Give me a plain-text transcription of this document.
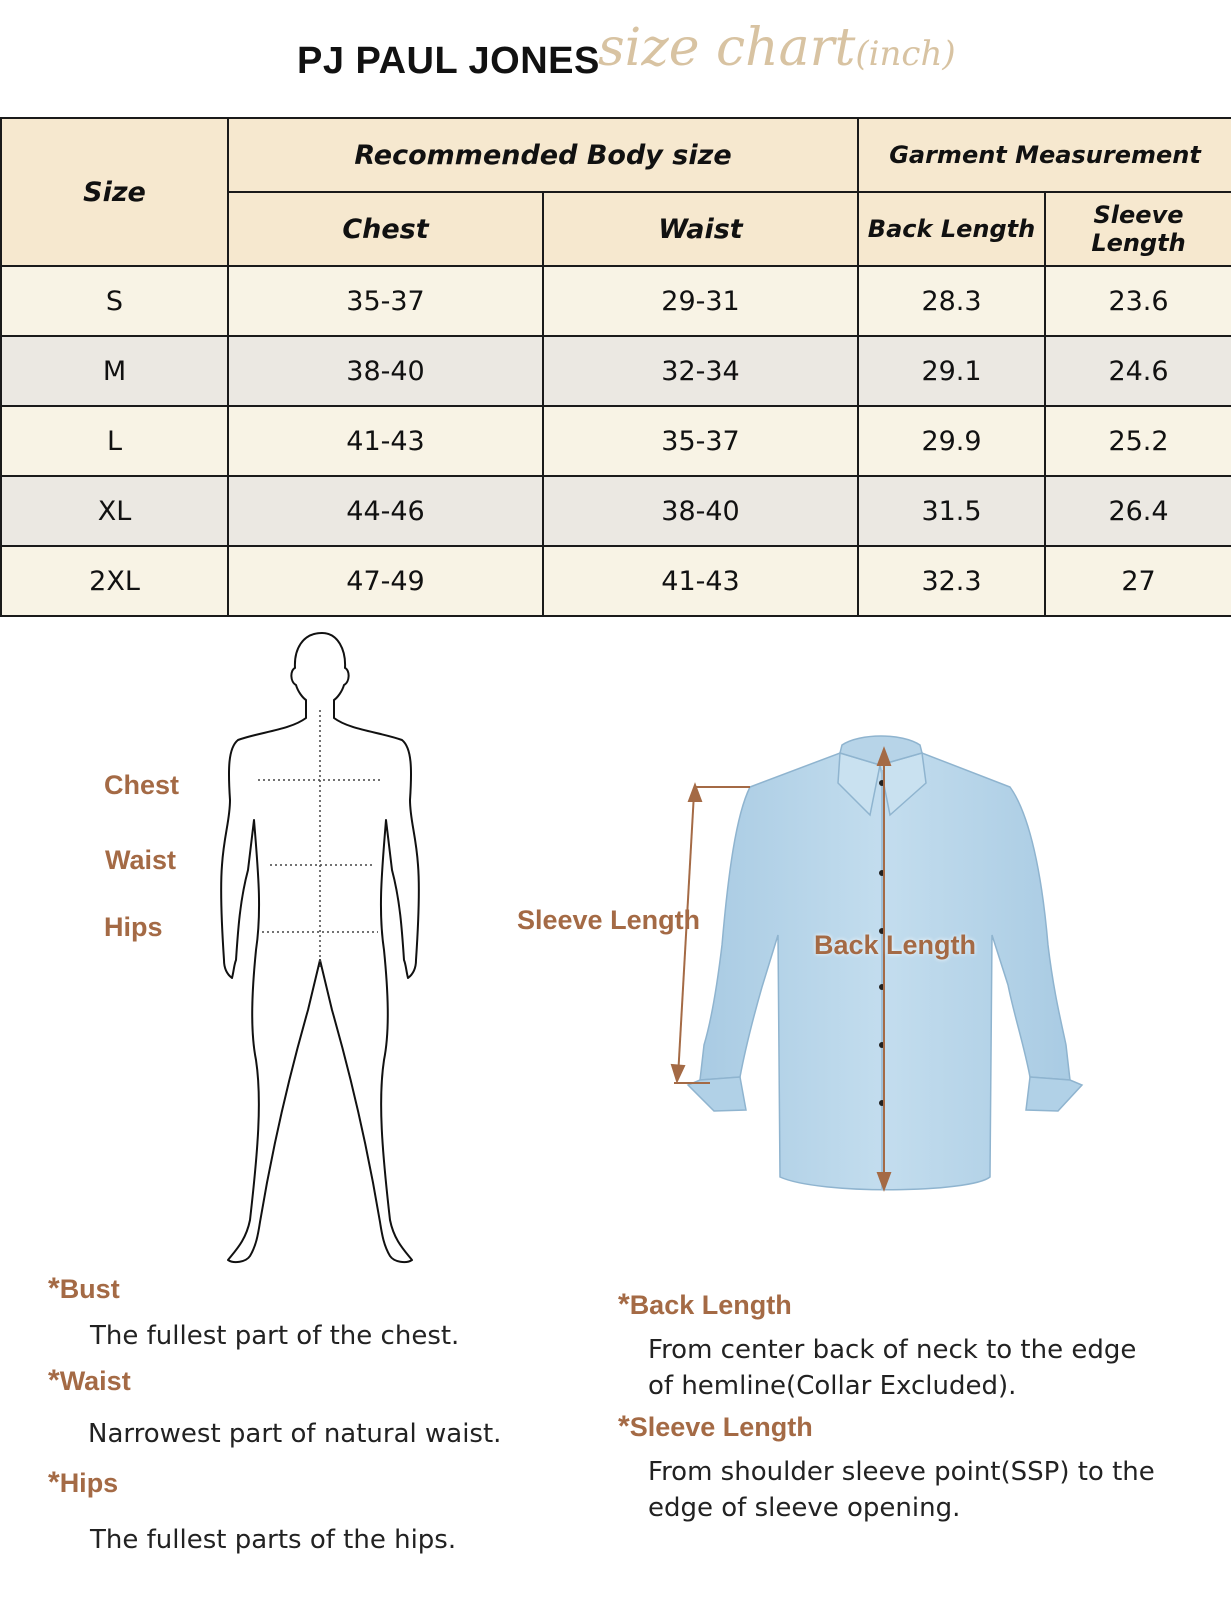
PJ PAUL JONES
size chart(inch)
Size	Recommended Body size		Garment Measurement	
	Chest	Waist	Back Length	Sleeve Length
S	35-37	29-31	28.3	23.6
M	38-40	32-34	29.1	24.6
L	41-43	35-37	29.9	25.2
XL	44-46	38-40	31.5	26.4
2XL	47-49	41-43	32.3	27
Chest
Waist
Hips	Sleeve Length
Back Length
*Bust
The fullest part of the chest.
*Waist
Narrowest part of natural waist.
*Hips
The fullest parts of the hips.
*Back Length
From center back of neck to the edge
of hemline(Collar Excluded).
*Sleeve Length
From shoulder sleeve point(SSP) to the
edge of sleeve opening.
